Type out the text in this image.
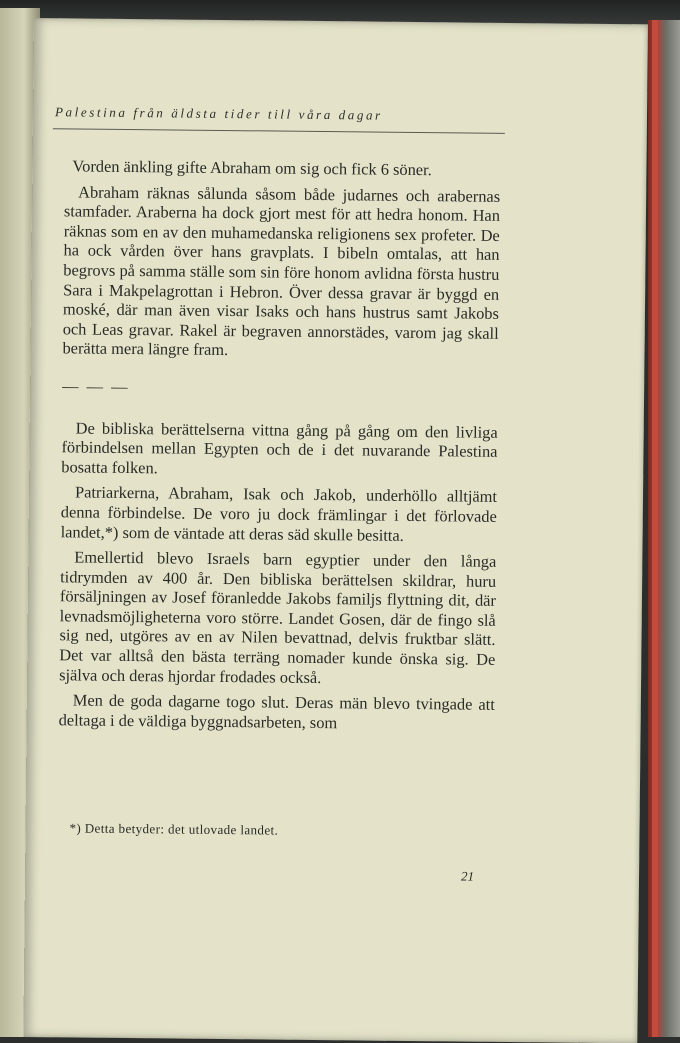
Palestina från äldsta tider till våra dagar

Vorden änkling gifte Abraham om sig och fick 6 söner.

Abraham räknas sålunda såsom både judarnes och arabernas stamfader. Araberna ha dock gjort mest för att hedra honom. Han räknas som en av den muhamedanska religionens sex profeter. De ha ock vården över hans gravplats. I bibeln omtalas, att han begrovs på samma ställe som sin före honom avlidna första hustru Sara i Makpelagrottan i Hebron. Över dessa gravar är byggd en moské, där man även visar Isaks och hans hustrus samt Jakobs och Leas gravar. Rakel är begraven annorstädes, varom jag skall berätta mera längre fram.

— — —

De bibliska berättelserna vittna gång på gång om den livliga förbindelsen mellan Egypten och de i det nuvarande Palestina bosatta folken.

Patriarkerna, Abraham, Isak och Jakob, underhöllo alltjämt denna förbindelse. De voro ju dock främlingar i det förlovade landet,*) som de väntade att deras säd skulle besitta.

Emellertid blevo Israels barn egyptier under den långa tidrymden av 400 år. Den bibliska berättelsen skildrar, huru försäljningen av Josef föranledde Jakobs familjs flyttning dit, där levnadsmöjligheterna voro större. Landet Gosen, där de fingo slå sig ned, utgöres av en av Nilen bevattnad, delvis fruktbar slätt. Det var alltså den bästa terräng nomader kunde önska sig. De själva och deras hjordar frodades också.

Men de goda dagarne togo slut. Deras män blevo tvingade att deltaga i de väldiga byggnadsarbeten, som

*) Detta betyder: det utlovade landet.
21
